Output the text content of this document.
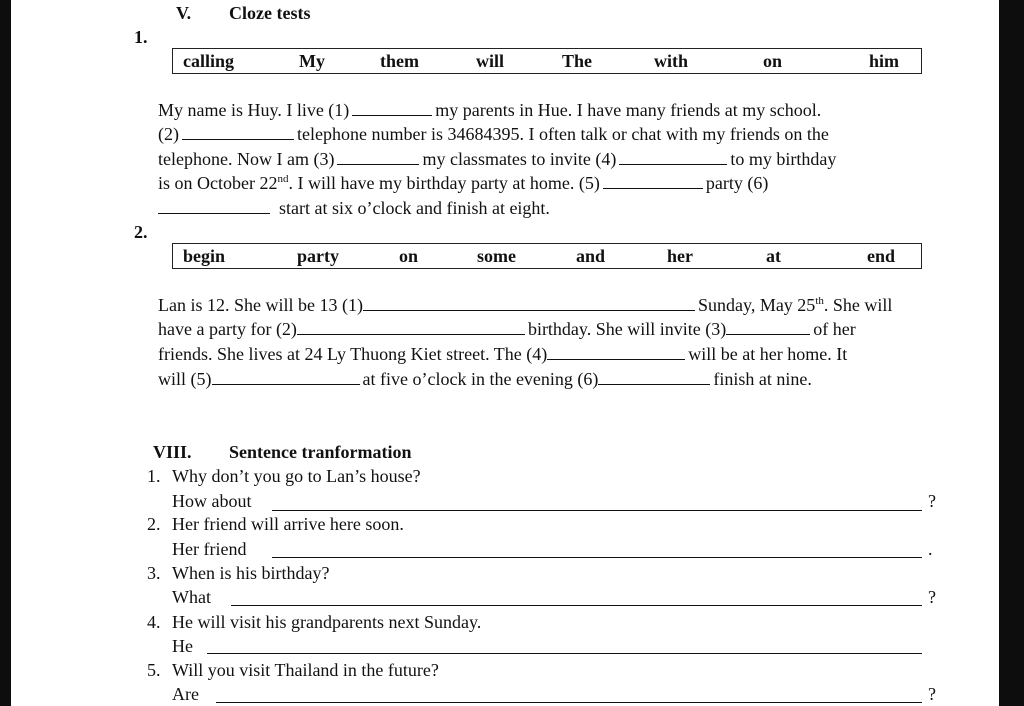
V. Cloze tests
1.
calling	My	them	will	The	with	on	him
My name is Huy. I live (1)	my parents in Hue. I have many friends at my school.
(2)	telephone number is 34684395. I often talk or chat with my friends on the
telephone. Now I am (3)	my classmates to invite (4)	to my birthday
is on October 22nd. I will have my birthday party at home. (5)	party (6)
start at six o’clock and finish at eight.
2.
begin	party	on	some	and	her	at	end
Lan is 12. She will be 13 (1)	Sunday, May 25th. She will
have a party for (2)	birthday. She will invite (3)	of her
friends. She lives at 24 Ly Thuong Kiet street. The (4)	will be at her home. It
will (5)	at five o’clock in the evening (6)	finish at nine.
VIII. Sentence tranformation
1. Why don’t you go to Lan’s house?
How about	?
2. Her friend will arrive here soon.
Her friend	.
3. When is his birthday?
What	?
4. He will visit his grandparents next Sunday.
He
5. Will you visit Thailand in the future?
Are	?
